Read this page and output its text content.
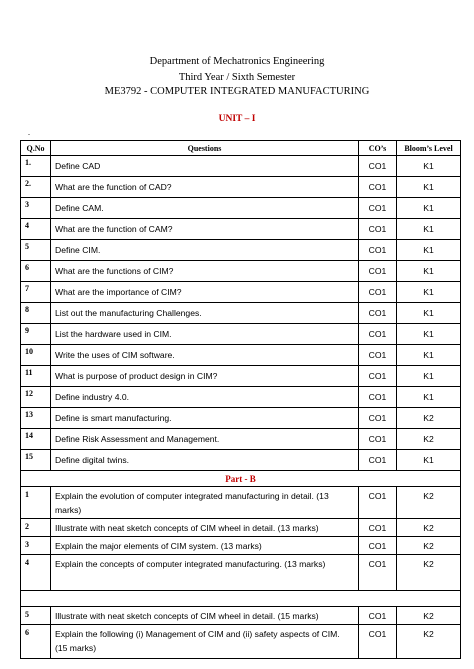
Department of Mechatronics Engineering
Third Year / Sixth Semester
ME3792 - COMPUTER INTEGRATED MANUFACTURING
UNIT – I
.
Q.No	Questions	CO’s	Bloom’s Level
1.	Define CAD	CO1	K1
2.	What are the function of CAD?	CO1	K1
3	Define CAM.	CO1	K1
4	What are the function of CAM?	CO1	K1
5	Define CIM.	CO1	K1
6	What are the functions of CIM?	CO1	K1
7	What are the importance of CIM?	CO1	K1
8	List out the manufacturing Challenges.	CO1	K1
9	List the hardware used in CIM.	CO1	K1
10	Write the uses of CIM software.	CO1	K1
11	What is purpose of product design in CIM?	CO1	K1
12	Define industry 4.0.	CO1	K1
13	Define is smart manufacturing.	CO1	K2
14	Define Risk Assessment and Management.	CO1	K2
15	Define digital twins.	CO1	K1
Part - B			
1	Explain the evolution of computer integrated manufacturing in detail. (13 marks)	CO1	K2
2	Illustrate with neat sketch concepts of CIM wheel in detail. (13 marks)	CO1	K2
3	Explain the major elements of CIM system. (13 marks)	CO1	K2
4	Explain the concepts of computer integrated manufacturing. (13 marks)	CO1	K2

5	Illustrate with neat sketch concepts of CIM wheel in detail. (15 marks)	CO1	K2
6	Explain the following (i) Management of CIM and (ii) safety aspects of CIM. (15 marks)	CO1	K2
